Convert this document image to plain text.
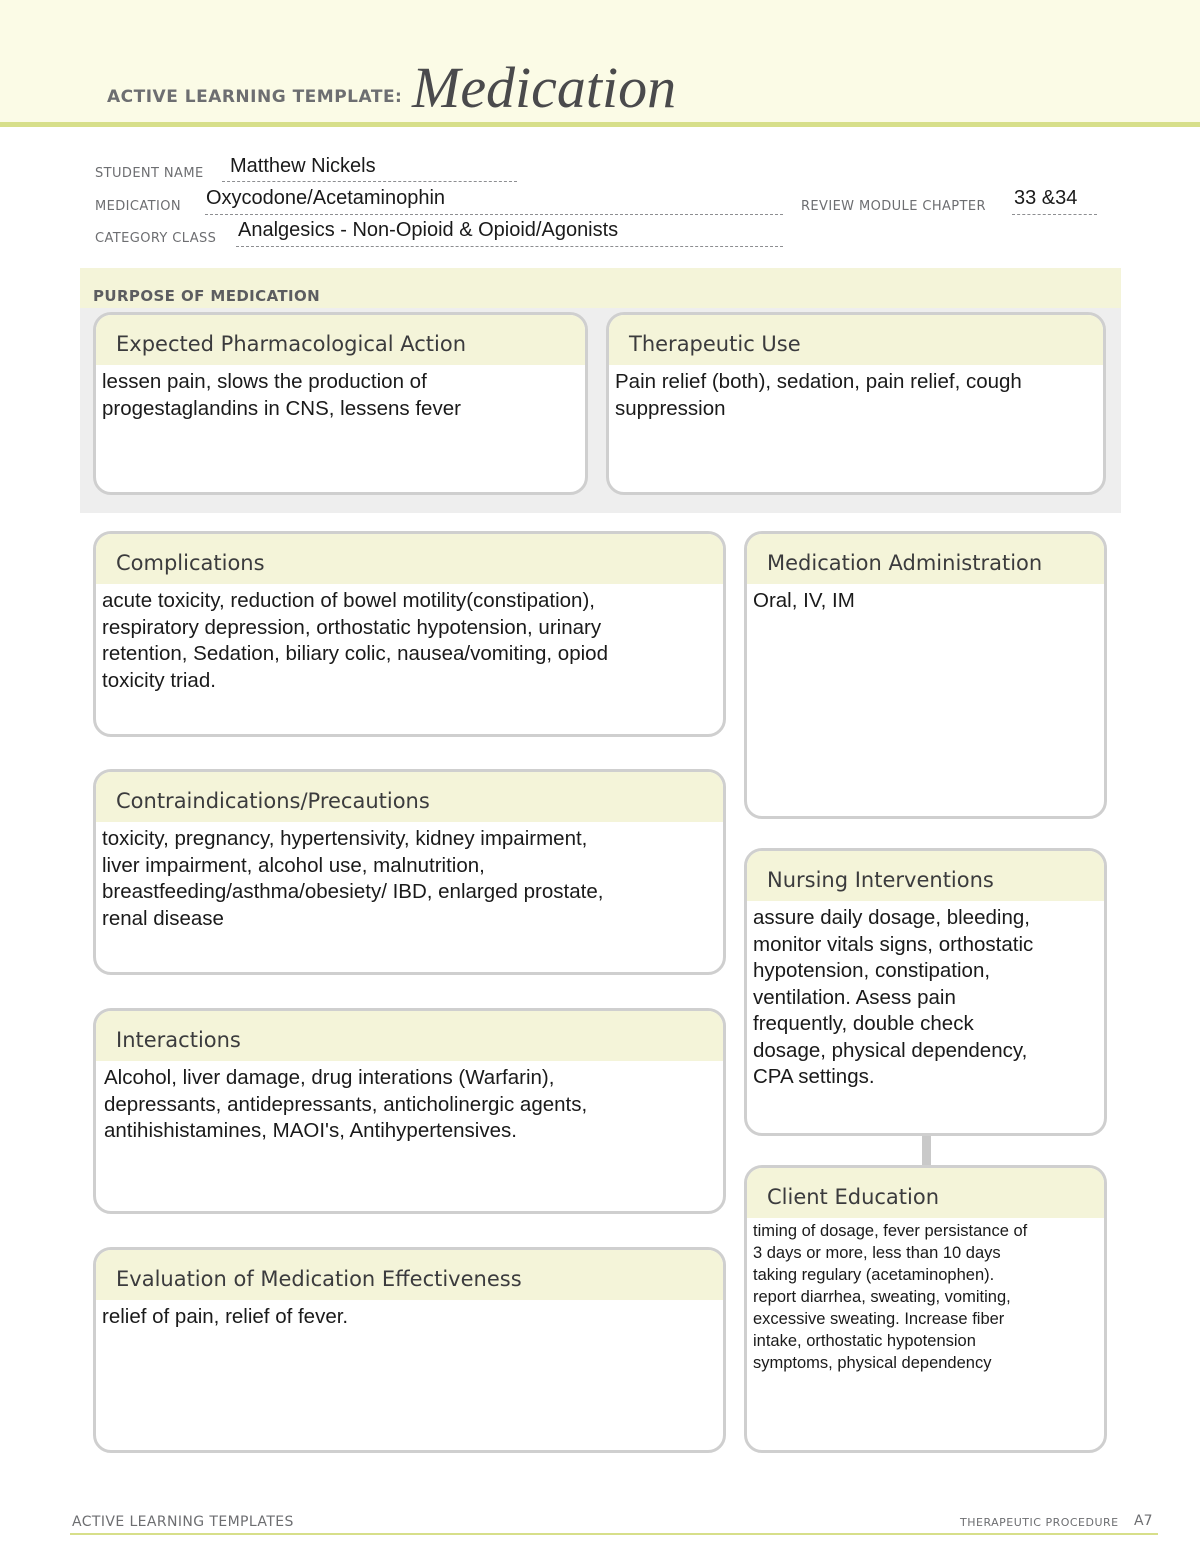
ACTIVE LEARNING TEMPLATE: Medication
STUDENT NAME Matthew Nickels
MEDICATION Oxycodone/Acetaminophin	REVIEW MODULE CHAPTER 33 &34
CATEGORY CLASS Analgesics - Non-Opioid & Opioid/Agonists
PURPOSE OF MEDICATION
Expected Pharmacological Action
lessen pain, slows the production of
progestaglandins in CNS, lessens fever
Therapeutic Use
Pain relief (both), sedation, pain relief, cough
suppression
Complications
acute toxicity, reduction of bowel motility(constipation),
respiratory depression, orthostatic hypotension, urinary
retention, Sedation, biliary colic, nausea/vomiting, opiod
toxicity triad.
Medication Administration
Oral, IV, IM
Contraindications/Precautions
toxicity, pregnancy, hypertensivity, kidney impairment,
liver impairment, alcohol use, malnutrition,
breastfeeding/asthma/obesiety/ IBD, enlarged prostate,
renal disease
Nursing Interventions
assure daily dosage, bleeding,
monitor vitals signs, orthostatic
hypotension, constipation,
ventilation. Asess pain
frequently, double check
dosage, physical dependency,
CPA settings.
Interactions
Alcohol, liver damage, drug interations (Warfarin),
depressants, antidepressants, anticholinergic agents,
antihishistamines, MAOI's, Antihypertensives.
Client Education
timing of dosage, fever persistance of
3 days or more, less than 10 days
taking regulary (acetaminophen).
report diarrhea, sweating, vomiting,
excessive sweating. Increase fiber
intake, orthostatic hypotension
symptoms, physical dependency
Evaluation of Medication Effectiveness
relief of pain, relief of fever.
ACTIVE LEARNING TEMPLATES	THERAPEUTIC PROCEDURE A7
